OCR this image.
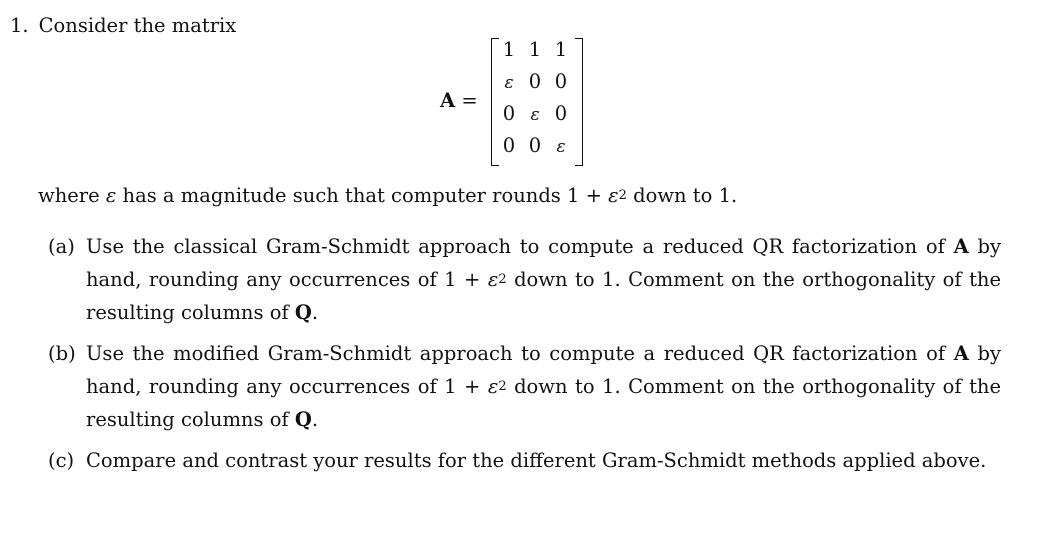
1. Consider the matrix
A =
1 1 1
ε 0 0
0 ε 0
0 0 ε
where ε has a magnitude such that computer rounds $1 + \varepsilon^2$ down to 1.
(a) Use the classical Gram-Schmidt approach to compute a reduced QR factorization of A by hand, rounding any occurrences of $1 + \varepsilon^2$ down to 1. Comment on the orthogonality of the resulting columns of Q.
(b) Use the modified Gram-Schmidt approach to compute a reduced QR factorization of A by hand, rounding any occurrences of $1 + \varepsilon^2$ down to 1. Comment on the orthogonality of the resulting columns of Q.
(c) Compare and contrast your results for the different Gram-Schmidt methods applied above.
